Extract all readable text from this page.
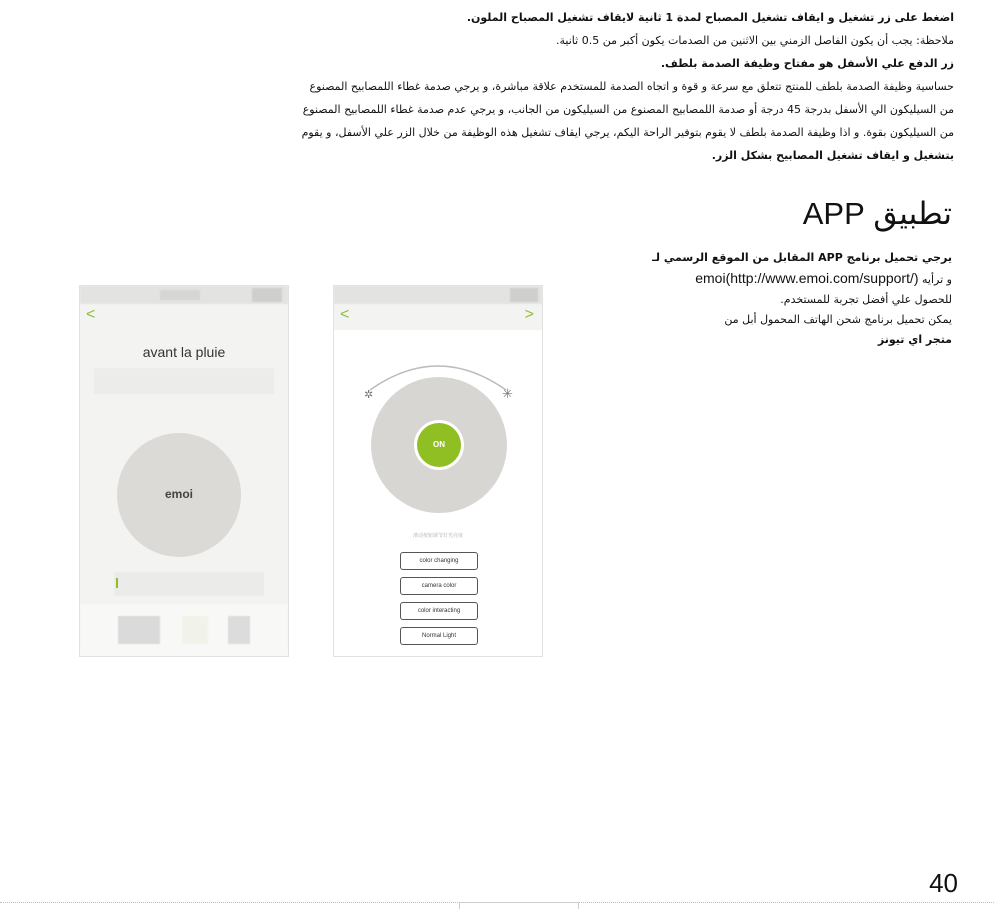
اضغط على زر تشغيل و ايقاف تشغيل المصباح لمدة 1 ثانية لايقاف تشغيل المصباح الملون.

ملاحظة: يجب أن يكون الفاصل الزمني بين الاثنين من الصدمات يكون أكبر من 0.5 ثانية.

زر الدفع علي الأسفل هو مفتاح وظيفة الصدمة بلطف.

حساسية وظيفة الصدمة بلطف للمنتج تتعلق مع سرعة و قوة و اتجاه الصدمة للمستخدم علاقة مباشرة، و يرجي صدمة غطاء اللمصابيح المصنوع

من السيليكون الي الأسفل بدرجة 45 درجة أو صدمة اللمصابيح المصنوع من السيليكون من الجانب، و يرجي عدم صدمة غطاء اللمصابيح المصنوع

من السيليكون بقوة. و اذا وظيفة الصدمة بلطف لا يقوم بتوفير الراحة اليكم، يرجي ايقاف تشغيل هذه الوظيفة من خلال الزر علي الأسفل، و يقوم

بتشغيل و ايقاف تشغيل المصابيح بشكل الزر.

تطبيق APP

يرجي تحميل برنامج APP المقابل من الموقع الرسمي لـ

و ترأيه emoi(http://www.emoi.com/support/)

للحصول علي أفضل تجربة للمستخدم.

يمكن تحميل برنامج شحن الهاتف المحمول أبل من

متجر اي تيونز

<
avant la pluie
emoi
<	>
✲	✳
ON
滑动按钮调节灯光亮度
color changing
camera color
color interacting
Normal Light
40
